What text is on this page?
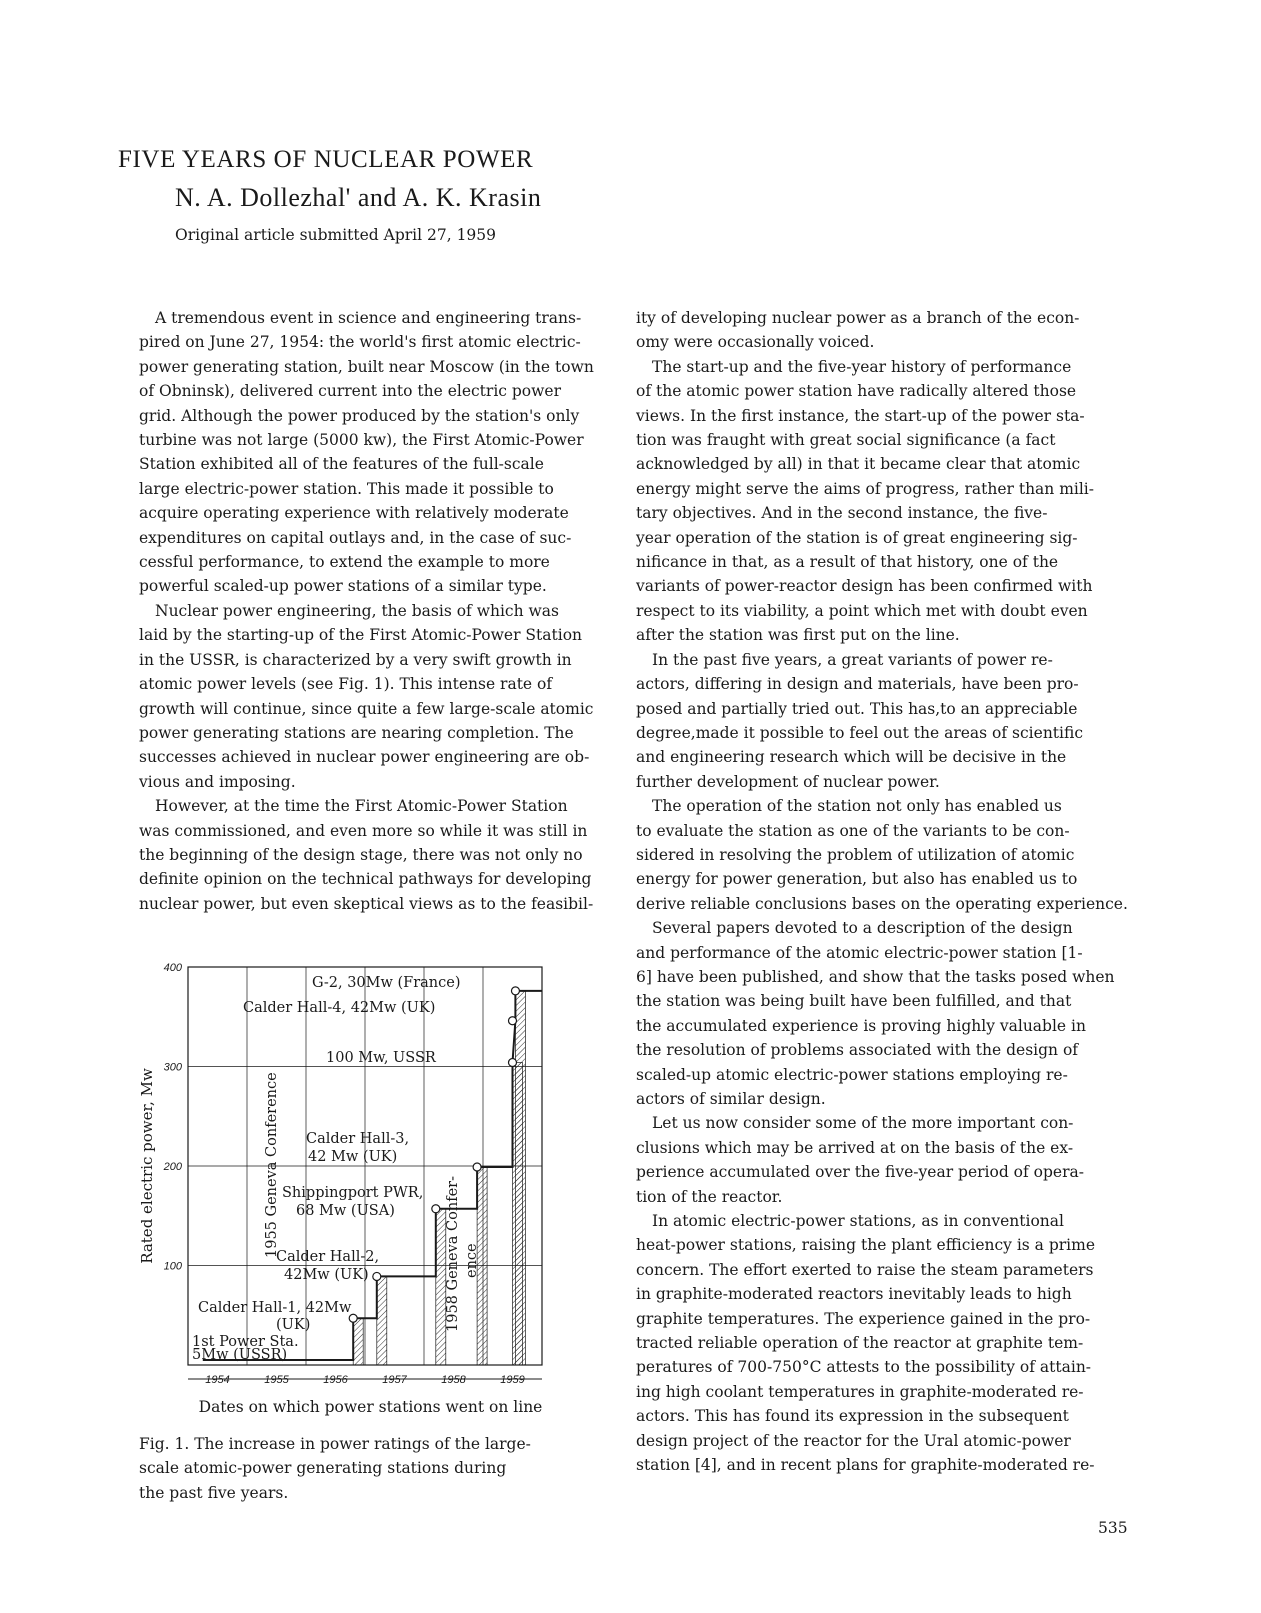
FIVE YEARS OF NUCLEAR POWER
N. A. Dollezhal' and A. K. Krasin
Original article submitted April 27, 1959

A tremendous event in science and engineering trans-

pired on June 27, 1954: the world's first atomic electric-

power generating station, built near Moscow (in the town

of Obninsk), delivered current into the electric power

grid. Although the power produced by the station's only

turbine was not large (5000 kw), the First Atomic-Power

Station exhibited all of the features of the full-scale

large electric-power station. This made it possible to

acquire operating experience with relatively moderate

expenditures on capital outlays and, in the case of suc-

cessful performance, to extend the example to more

powerful scaled-up power stations of a similar type.

Nuclear power engineering, the basis of which was

laid by the starting-up of the First Atomic-Power Station

in the USSR, is characterized by a very swift growth in

atomic power levels (see Fig. 1). This intense rate of

growth will continue, since quite a few large-scale atomic

power generating stations are nearing completion. The

successes achieved in nuclear power engineering are ob-

vious and imposing.

However, at the time the First Atomic-Power Station

was commissioned, and even more so while it was still in

the beginning of the design stage, there was not only no

definite opinion on the technical pathways for developing

nuclear power, but even skeptical views as to the feasibil-

ity of developing nuclear power as a branch of the econ-

omy were occasionally voiced.

The start-up and the five-year history of performance

of the atomic power station have radically altered those

views. In the first instance, the start-up of the power sta-

tion was fraught with great social significance (a fact

acknowledged by all) in that it became clear that atomic

energy might serve the aims of progress, rather than mili-

tary objectives. And in the second instance, the five-

year operation of the station is of great engineering sig-

nificance in that, as a result of that history, one of the

variants of power-reactor design has been confirmed with

respect to its viability, a point which met with doubt even

after the station was first put on the line.

In the past five years, a great variants of power re-

actors, differing in design and materials, have been pro-

posed and partially tried out. This has,to an appreciable

degree,made it possible to feel out the areas of scientific

and engineering research which will be decisive in the

further development of nuclear power.

The operation of the station not only has enabled us

to evaluate the station as one of the variants to be con-

sidered in resolving the problem of utilization of atomic

energy for power generation, but also has enabled us to

derive reliable conclusions bases on the operating experience.

Several papers devoted to a description of the design

and performance of the atomic electric-power station [1-

6] have been published, and show that the tasks posed when

the station was being built have been fulfilled, and that

the accumulated experience is proving highly valuable in

the resolution of problems associated with the design of

scaled-up atomic electric-power stations employing re-

actors of similar design.

Let us now consider some of the more important con-

clusions which may be arrived at on the basis of the ex-

perience accumulated over the five-year period of opera-

tion of the reactor.

In atomic electric-power stations, as in conventional

heat-power stations, raising the plant efficiency is a prime

concern. The effort exerted to raise the steam parameters

in graphite-moderated reactors inevitably leads to high

graphite temperatures. The experience gained in the pro-

tracted reliable operation of the reactor at graphite tem-

peratures of 700-750°C attests to the possibility of attain-

ing high coolant temperatures in graphite-moderated re-

actors. This has found its expression in the subsequent

design project of the reactor for the Ural atomic-power

station [4], and in recent plans for graphite-moderated re-

100
200
300
400
1954	1955	1956	1957	1958	1959
Rated electric power, Mw
G-2, 30Mw (France)
Calder Hall-4, 42Mw (UK)
100 Mw, USSR
Calder Hall-3,
42 Mw (UK)
Shippingport PWR,
68 Mw (USA)
Calder Hall-2,
42Mw (UK)
Calder Hall-1, 42Mw
(UK)
1st Power Sta.
5Mw (USSR)
1955 Geneva Conference	1958 Geneva Confer- ence
Dates on which power stations went on line

Fig. 1. The increase in power ratings of the large-

scale atomic-power generating stations during

the past five years.

535
